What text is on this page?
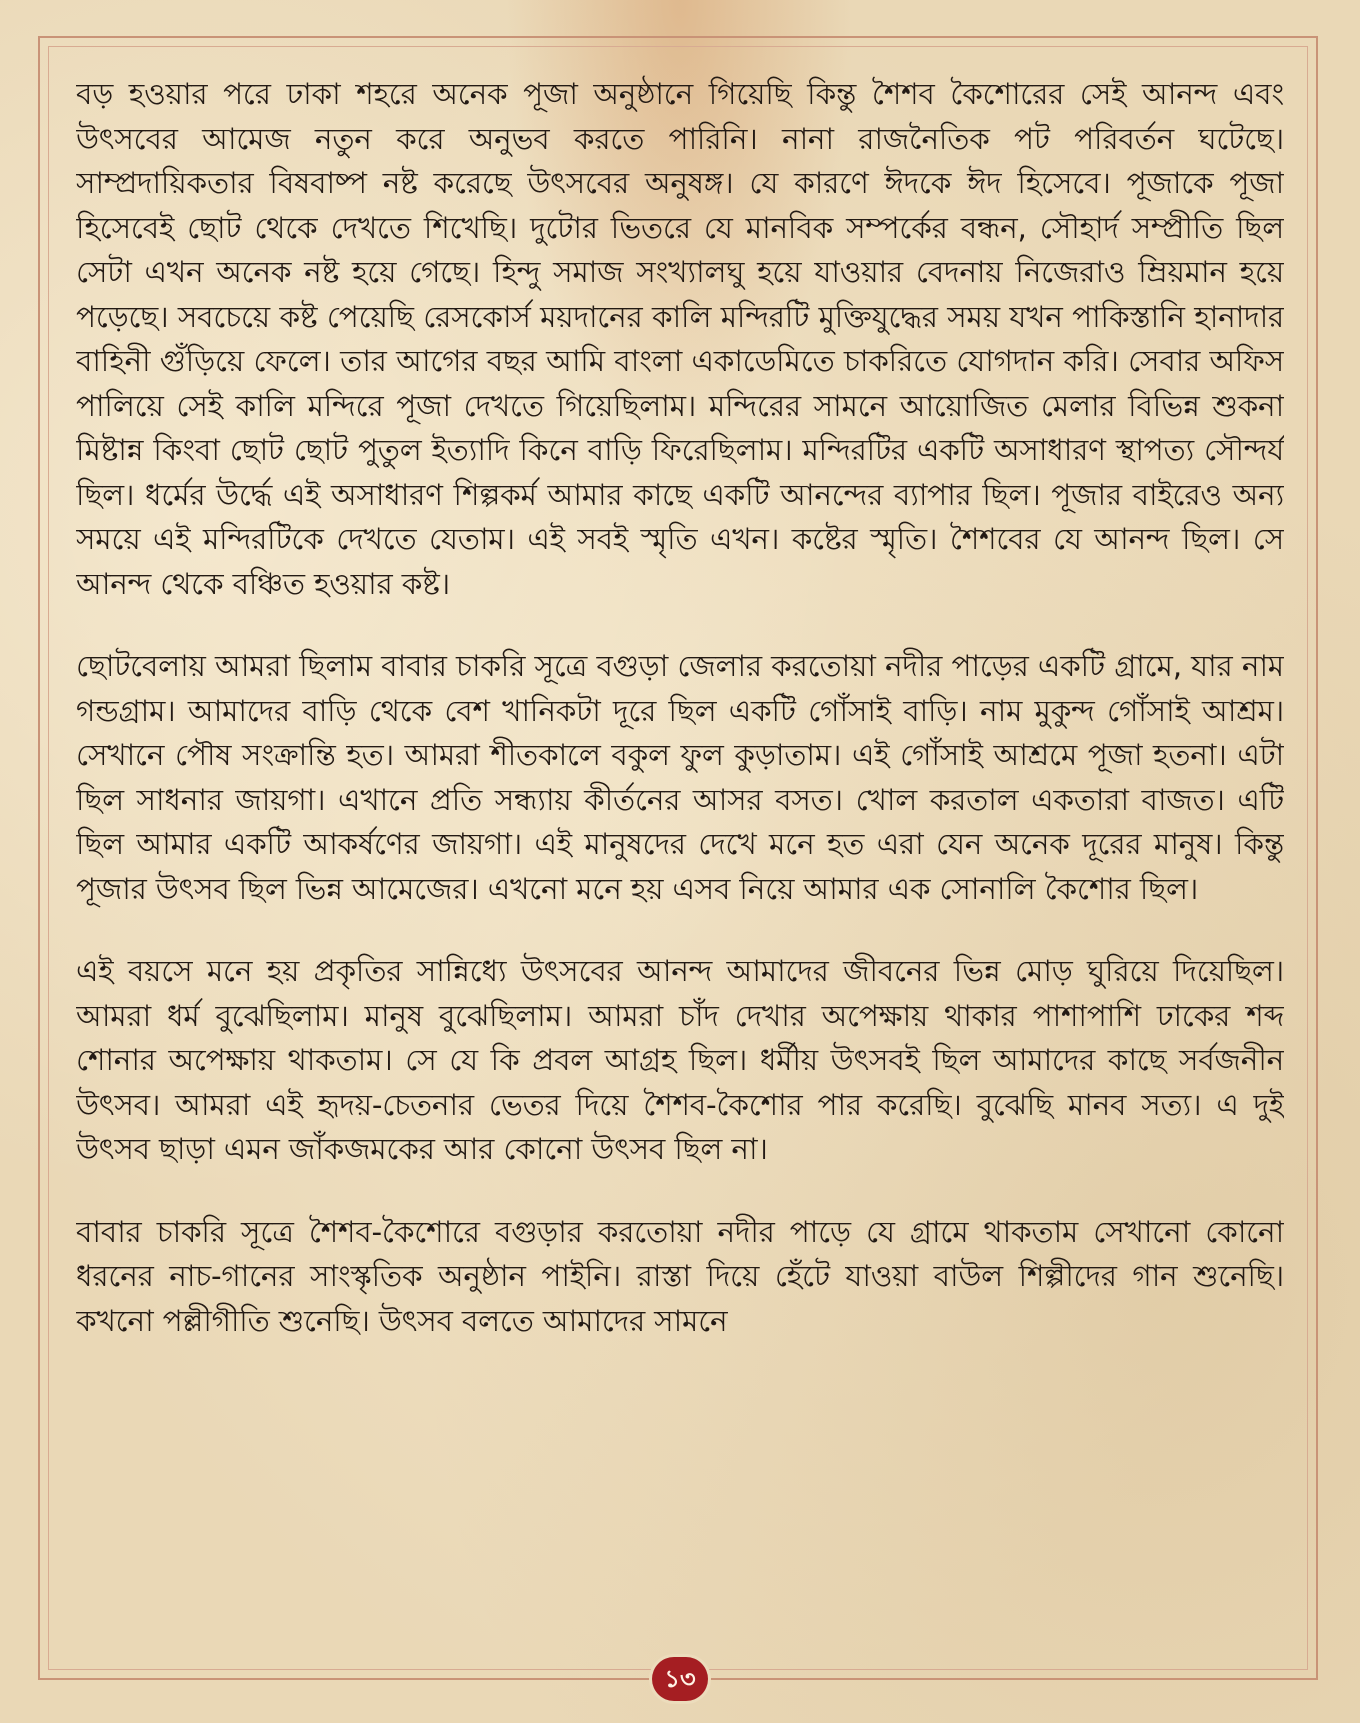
বড় হওয়ার পরে ঢাকা শহরে অনেক পূজা অনুষ্ঠানে গিয়েছি কিন্তু শৈশব কৈশোরের সেই আনন্দ এবং উৎসবের আমেজ নতুন করে অনুভব করতে পারিনি। নানা রাজনৈতিক পট পরিবর্তন ঘটেছে। সাম্প্রদায়িকতার বিষবাষ্প নষ্ট করেছে উৎসবের অনুষঙ্গ। যে কারণে ঈদকে ঈদ হিসেবে। পূজাকে পূজা হিসেবেই ছোট থেকে দেখতে শিখেছি। দুটোর ভিতরে যে মানবিক সম্পর্কের বন্ধন, সৌহার্দ সম্প্রীতি ছিল সেটা এখন অনেক নষ্ট হয়ে গেছে। হিন্দু সমাজ সংখ্যালঘু হয়ে যাওয়ার বেদনায় নিজেরাও ম্রিয়মান হয়ে পড়েছে। সবচেয়ে কষ্ট পেয়েছি রেসকোর্স ময়দানের কালি মন্দিরটি মুক্তিযুদ্ধের সময় যখন পাকিস্তানি হানাদার বাহিনী গুঁড়িয়ে ফেলে। তার আগের বছর আমি বাংলা একাডেমিতে চাকরিতে যোগদান করি। সেবার অফিস পালিয়ে সেই কালি মন্দিরে পূজা দেখতে গিয়েছিলাম। মন্দিরের সামনে আয়োজিত মেলার বিভিন্ন শুকনা মিষ্টান্ন কিংবা ছোট ছোট পুতুল ইত্যাদি কিনে বাড়ি ফিরেছিলাম। মন্দিরটির একটি অসাধারণ স্থাপত্য সৌন্দর্য ছিল। ধর্মের উর্দ্ধে এই অসাধারণ শিল্পকর্ম আমার কাছে একটি আনন্দের ব্যাপার ছিল। পূজার বাইরেও অন্য সময়ে এই মন্দিরটিকে দেখতে যেতাম। এই সবই স্মৃতি এখন। কষ্টের স্মৃতি। শৈশবের যে আনন্দ ছিল। সে আনন্দ থেকে বঞ্চিত হওয়ার কষ্ট।

ছোটবেলায় আমরা ছিলাম বাবার চাকরি সূত্রে বগুড়া জেলার করতোয়া নদীর পাড়ের একটি গ্রামে, যার নাম গন্ডগ্রাম। আমাদের বাড়ি থেকে বেশ খানিকটা দূরে ছিল একটি গোঁসাই বাড়ি। নাম মুকুন্দ গোঁসাই আশ্রম। সেখানে পৌষ সংক্রান্তি হত। আমরা শীতকালে বকুল ফুল কুড়াতাম। এই গোঁসাই আশ্রমে পূজা হতনা। এটা ছিল সাধনার জায়গা। এখানে প্রতি সন্ধ্যায় কীর্তনের আসর বসত। খোল করতাল একতারা বাজত। এটি ছিল আমার একটি আকর্ষণের জায়গা। এই মানুষদের দেখে মনে হত এরা যেন অনেক দূরের মানুষ। কিন্তু পূজার উৎসব ছিল ভিন্ন আমেজের। এখনো মনে হয় এসব নিয়ে আমার এক সোনালি কৈশোর ছিল।

এই বয়সে মনে হয় প্রকৃতির সান্নিধ্যে উৎসবের আনন্দ আমাদের জীবনের ভিন্ন মোড় ঘুরিয়ে দিয়েছিল। আমরা ধর্ম বুঝেছিলাম। মানুষ বুঝেছিলাম। আমরা চাঁদ দেখার অপেক্ষায় থাকার পাশাপাশি ঢাকের শব্দ শোনার অপেক্ষায় থাকতাম। সে যে কি প্রবল আগ্রহ ছিল। ধর্মীয় উৎসবই ছিল আমাদের কাছে সর্বজনীন উৎসব। আমরা এই হৃদয়-চেতনার ভেতর দিয়ে শৈশব-কৈশোর পার করেছি। বুঝেছি মানব সত্য। এ দুই উৎসব ছাড়া এমন জাঁকজমকের আর কোনো উৎসব ছিল না।

বাবার চাকরি সূত্রে শৈশব-কৈশোরে বগুড়ার করতোয়া নদীর পাড়ে যে গ্রামে থাকতাম সেখানো কোনো ধরনের নাচ-গানের সাংস্কৃতিক অনুষ্ঠান পাইনি। রাস্তা দিয়ে হেঁটে যাওয়া বাউল শিল্পীদের গান শুনেছি। কখনো পল্লীগীতি শুনেছি। উৎসব বলতে আমাদের সামনে

১৩
